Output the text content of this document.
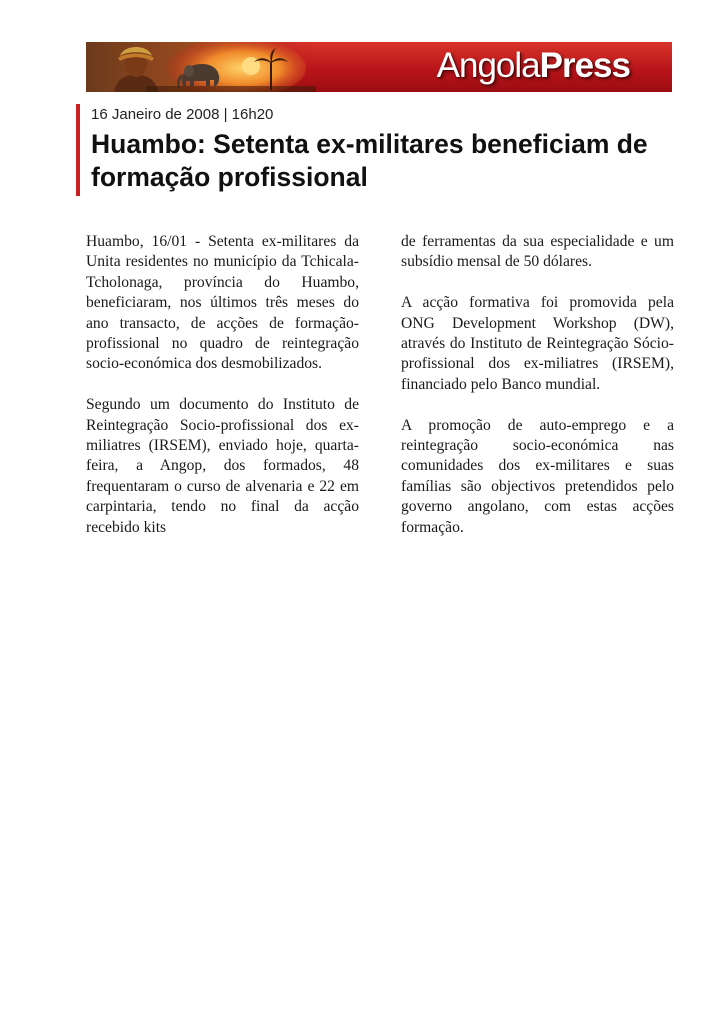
AngolaPress
16 Janeiro de 2008 | 16h20
Huambo: Setenta ex-militares beneficiam de formação profissional

Huambo, 16/01 - Setenta ex-militares da Unita residentes no município da Tchicala-Tcholonaga, província do Huambo, beneficiaram, nos últimos três meses do ano transacto, de acções de formação-profissional no quadro de reintegração socio-económica dos desmobilizados.

Segundo um documento do Instituto de Reintegração Socio-profissional dos ex-miliatres (IRSEM), enviado hoje, quarta-feira, a Angop, dos formados, 48 frequentaram o curso de alvenaria e 22 em carpintaria, tendo no final da acção recebido kits

de ferramentas da sua especialidade e um subsídio mensal de 50 dólares.

A acção formativa foi promovida pela ONG Development Workshop (DW), através do Instituto de Reintegração Sócio-profissional dos ex-miliatres (IRSEM), financiado pelo Banco mundial.

A promoção de auto-emprego e a reintegração socio-económica nas comunidades dos ex-militares e suas famílias são objectivos pretendidos pelo governo angolano, com estas acções formação.
